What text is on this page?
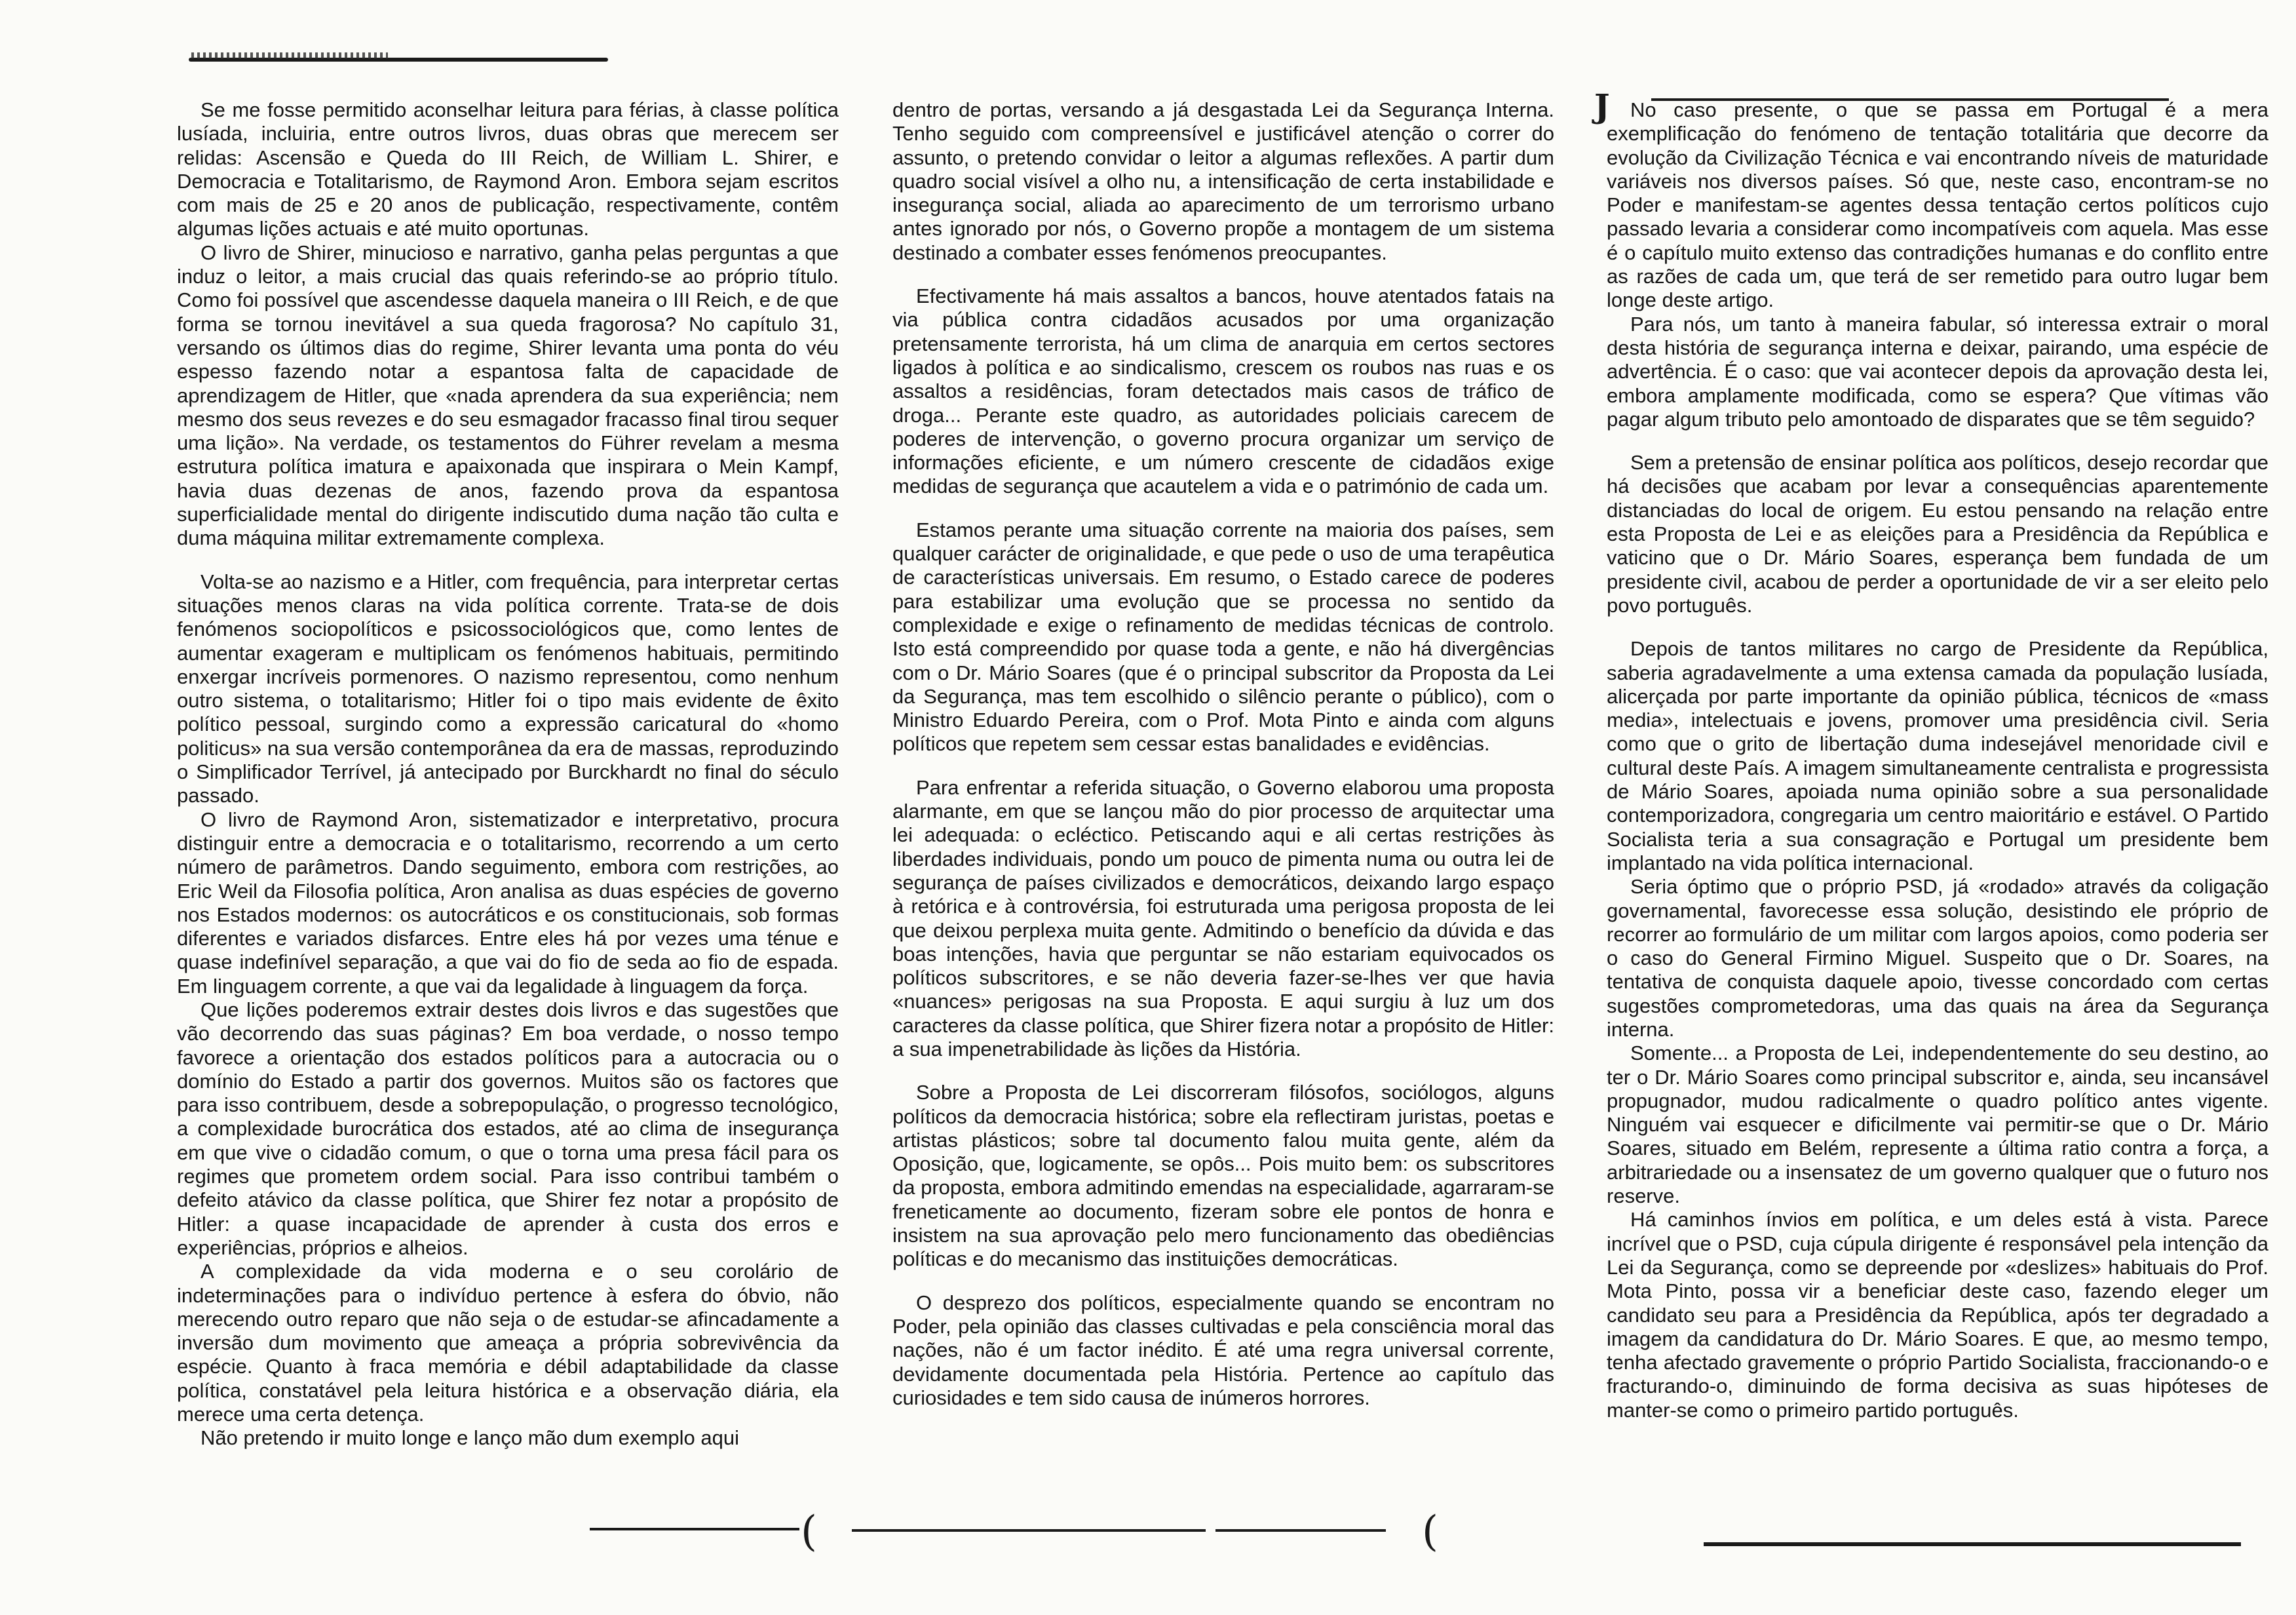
(	(
J

Se me fosse permitido aconselhar leitura para férias, à classe política lusíada, incluiria, entre outros livros, duas obras que merecem ser relidas: Ascensão e Queda do III Reich, de William L. Shirer, e Democracia e Totalitarismo, de Raymond Aron. Embora sejam escritos com mais de 25 e 20 anos de publicação, respectivamente, contêm algumas lições actuais e até muito oportunas.

O livro de Shirer, minucioso e narrativo, ganha pelas perguntas a que induz o leitor, a mais crucial das quais referindo-se ao próprio título. Como foi possível que ascendesse daquela maneira o III Reich, e de que forma se tornou inevitável a sua queda fragorosa? No capítulo 31, versando os últimos dias do regime, Shirer levanta uma ponta do véu espesso fazendo notar a espantosa falta de capacidade de aprendizagem de Hitler, que «nada aprendera da sua experiência; nem mesmo dos seus revezes e do seu esmagador fracasso final tirou sequer uma lição». Na verdade, os testamentos do Führer revelam a mesma estrutura política imatura e apaixonada que inspirara o Mein Kampf, havia duas dezenas de anos, fazendo prova da espantosa superficialidade mental do dirigente indiscutido duma nação tão culta e duma máquina militar extremamente complexa.

Volta-se ao nazismo e a Hitler, com frequência, para interpretar certas situações menos claras na vida política corrente. Trata-se de dois fenómenos sociopolíticos e psicossociológicos que, como lentes de aumentar exageram e multiplicam os fenómenos habituais, permitindo enxergar incríveis pormenores. O nazismo representou, como nenhum outro sistema, o totalitarismo; Hitler foi o tipo mais evidente de êxito político pessoal, surgindo como a expressão caricatural do «homo politicus» na sua versão contemporânea da era de massas, reproduzindo o Simplificador Terrível, já antecipado por Burckhardt no final do século passado.

O livro de Raymond Aron, sistematizador e interpretativo, procura distinguir entre a democracia e o totalitarismo, recorrendo a um certo número de parâmetros. Dando seguimento, embora com restrições, ao Eric Weil da Filosofia política, Aron analisa as duas espécies de governo nos Estados modernos: os autocráticos e os constitucionais, sob formas diferentes e variados disfarces. Entre eles há por vezes uma ténue e quase indefinível separação, a que vai do fio de seda ao fio de espada. Em linguagem corrente, a que vai da legalidade à linguagem da força.

Que lições poderemos extrair destes dois livros e das sugestões que vão decorrendo das suas páginas? Em boa verdade, o nosso tempo favorece a orientação dos estados políticos para a autocracia ou o domínio do Estado a partir dos governos. Muitos são os factores que para isso contribuem, desde a sobrepopulação, o progresso tecnológico, a complexidade burocrática dos estados, até ao clima de insegurança em que vive o cidadão comum, o que o torna uma presa fácil para os regimes que prometem ordem social. Para isso contribui também o defeito atávico da classe política, que Shirer fez notar a propósito de Hitler: a quase incapacidade de aprender à custa dos erros e experiências, próprios e alheios.

A complexidade da vida moderna e o seu corolário de indeterminações para o indivíduo pertence à esfera do óbvio, não merecendo outro reparo que não seja o de estudar-se afincadamente a inversão dum movimento que ameaça a própria sobrevivência da espécie. Quanto à fraca memória e débil adaptabilidade da classe política, constatável pela leitura histórica e a observação diária, ela merece uma certa detença.

Não pretendo ir muito longe e lanço mão dum exemplo aqui

dentro de portas, versando a já desgastada Lei da Segurança Interna. Tenho seguido com compreensível e justificável atenção o correr do assunto, o pretendo convidar o leitor a algumas reflexões. A partir dum quadro social visível a olho nu, a intensificação de certa instabilidade e insegurança social, aliada ao aparecimento de um terrorismo urbano antes ignorado por nós, o Governo propõe a montagem de um sistema destinado a combater esses fenómenos preocupantes.

Efectivamente há mais assaltos a bancos, houve atentados fatais na via pública contra cidadãos acusados por uma organização pretensamente terrorista, há um clima de anarquia em certos sectores ligados à política e ao sindicalismo, crescem os roubos nas ruas e os assaltos a residências, foram detectados mais casos de tráfico de droga... Perante este quadro, as autoridades policiais carecem de poderes de intervenção, o governo procura organizar um serviço de informações eficiente, e um número crescente de cidadãos exige medidas de segurança que acautelem a vida e o património de cada um.

Estamos perante uma situação corrente na maioria dos países, sem qualquer carácter de originalidade, e que pede o uso de uma terapêutica de características universais. Em resumo, o Estado carece de poderes para estabilizar uma evolução que se processa no sentido da complexidade e exige o refinamento de medidas técnicas de controlo. Isto está compreendido por quase toda a gente, e não há divergências com o Dr. Mário Soares (que é o principal subscritor da Proposta da Lei da Segurança, mas tem escolhido o silêncio perante o público), com o Ministro Eduardo Pereira, com o Prof. Mota Pinto e ainda com alguns políticos que repetem sem cessar estas banalidades e evidências.

Para enfrentar a referida situação, o Governo elaborou uma proposta alarmante, em que se lançou mão do pior processo de arquitectar uma lei adequada: o ecléctico. Petiscando aqui e ali certas restrições às liberdades individuais, pondo um pouco de pimenta numa ou outra lei de segurança de países civilizados e democráticos, deixando largo espaço à retórica e à controvérsia, foi estruturada uma perigosa proposta de lei que deixou perplexa muita gente. Admitindo o benefício da dúvida e das boas intenções, havia que perguntar se não estariam equivocados os políticos subscritores, e se não deveria fazer-se-lhes ver que havia «nuances» perigosas na sua Proposta. E aqui surgiu à luz um dos caracteres da classe política, que Shirer fizera notar a propósito de Hitler: a sua impenetrabilidade às lições da História.

Sobre a Proposta de Lei discorreram filósofos, sociólogos, alguns políticos da democracia histórica; sobre ela reflectiram juristas, poetas e artistas plásticos; sobre tal documento falou muita gente, além da Oposição, que, logicamente, se opôs... Pois muito bem: os subscritores da proposta, embora admitindo emendas na especialidade, agarraram-se freneticamente ao documento, fizeram sobre ele pontos de honra e insistem na sua aprovação pelo mero funcionamento das obediências políticas e do mecanismo das instituições democráticas.

O desprezo dos políticos, especialmente quando se encontram no Poder, pela opinião das classes cultivadas e pela consciência moral das nações, não é um factor inédito. É até uma regra universal corrente, devidamente documentada pela História. Pertence ao capítulo das curiosidades e tem sido causa de inúmeros horrores.

No caso presente, o que se passa em Portugal é a mera exemplificação do fenómeno de tentação totalitária que decorre da evolução da Civilização Técnica e vai encontrando níveis de maturidade variáveis nos diversos países. Só que, neste caso, encontram-se no Poder e manifestam-se agentes dessa tentação certos políticos cujo passado levaria a considerar como incompatíveis com aquela. Mas esse é o capítulo muito extenso das contradições humanas e do conflito entre as razões de cada um, que terá de ser remetido para outro lugar bem longe deste artigo.

Para nós, um tanto à maneira fabular, só interessa extrair o moral desta história de segurança interna e deixar, pairando, uma espécie de advertência. É o caso: que vai acontecer depois da aprovação desta lei, embora amplamente modificada, como se espera? Que vítimas vão pagar algum tributo pelo amontoado de disparates que se têm seguido?

Sem a pretensão de ensinar política aos políticos, desejo recordar que há decisões que acabam por levar a consequências aparentemente distanciadas do local de origem. Eu estou pensando na relação entre esta Proposta de Lei e as eleições para a Presidência da República e vaticino que o Dr. Mário Soares, esperança bem fundada de um presidente civil, acabou de perder a oportunidade de vir a ser eleito pelo povo português.

Depois de tantos militares no cargo de Presidente da República, saberia agradavelmente a uma extensa camada da população lusíada, alicerçada por parte importante da opinião pública, técnicos de «mass media», intelectuais e jovens, promover uma presidência civil. Seria como que o grito de libertação duma indesejável menoridade civil e cultural deste País. A imagem simultaneamente centralista e progressista de Mário Soares, apoiada numa opinião sobre a sua personalidade contemporizadora, congregaria um centro maioritário e estável. O Partido Socialista teria a sua consagração e Portugal um presidente bem implantado na vida política internacional.

Seria óptimo que o próprio PSD, já «rodado» através da coligação governamental, favorecesse essa solução, desistindo ele próprio de recorrer ao formulário de um militar com largos apoios, como poderia ser o caso do General Firmino Miguel. Suspeito que o Dr. Soares, na tentativa de conquista daquele apoio, tivesse concordado com certas sugestões comprometedoras, uma das quais na área da Segurança interna.

Somente... a Proposta de Lei, independentemente do seu destino, ao ter o Dr. Mário Soares como principal subscritor e, ainda, seu incansável propugnador, mudou radicalmente o quadro político antes vigente. Ninguém vai esquecer e dificilmente vai permitir-se que o Dr. Mário Soares, situado em Belém, represente a última ratio contra a força, a arbitrariedade ou a insensatez de um governo qualquer que o futuro nos reserve.

Há caminhos ínvios em política, e um deles está à vista. Parece incrível que o PSD, cuja cúpula dirigente é responsável pela intenção da Lei da Segurança, como se depreende por «deslizes» habituais do Prof. Mota Pinto, possa vir a beneficiar deste caso, fazendo eleger um candidato seu para a Presidência da República, após ter degradado a imagem da candidatura do Dr. Mário Soares. E que, ao mesmo tempo, tenha afectado gravemente o próprio Partido Socialista, fraccionando-o e fracturando-o, diminuindo de forma decisiva as suas hipóteses de manter-se como o primeiro partido português.
